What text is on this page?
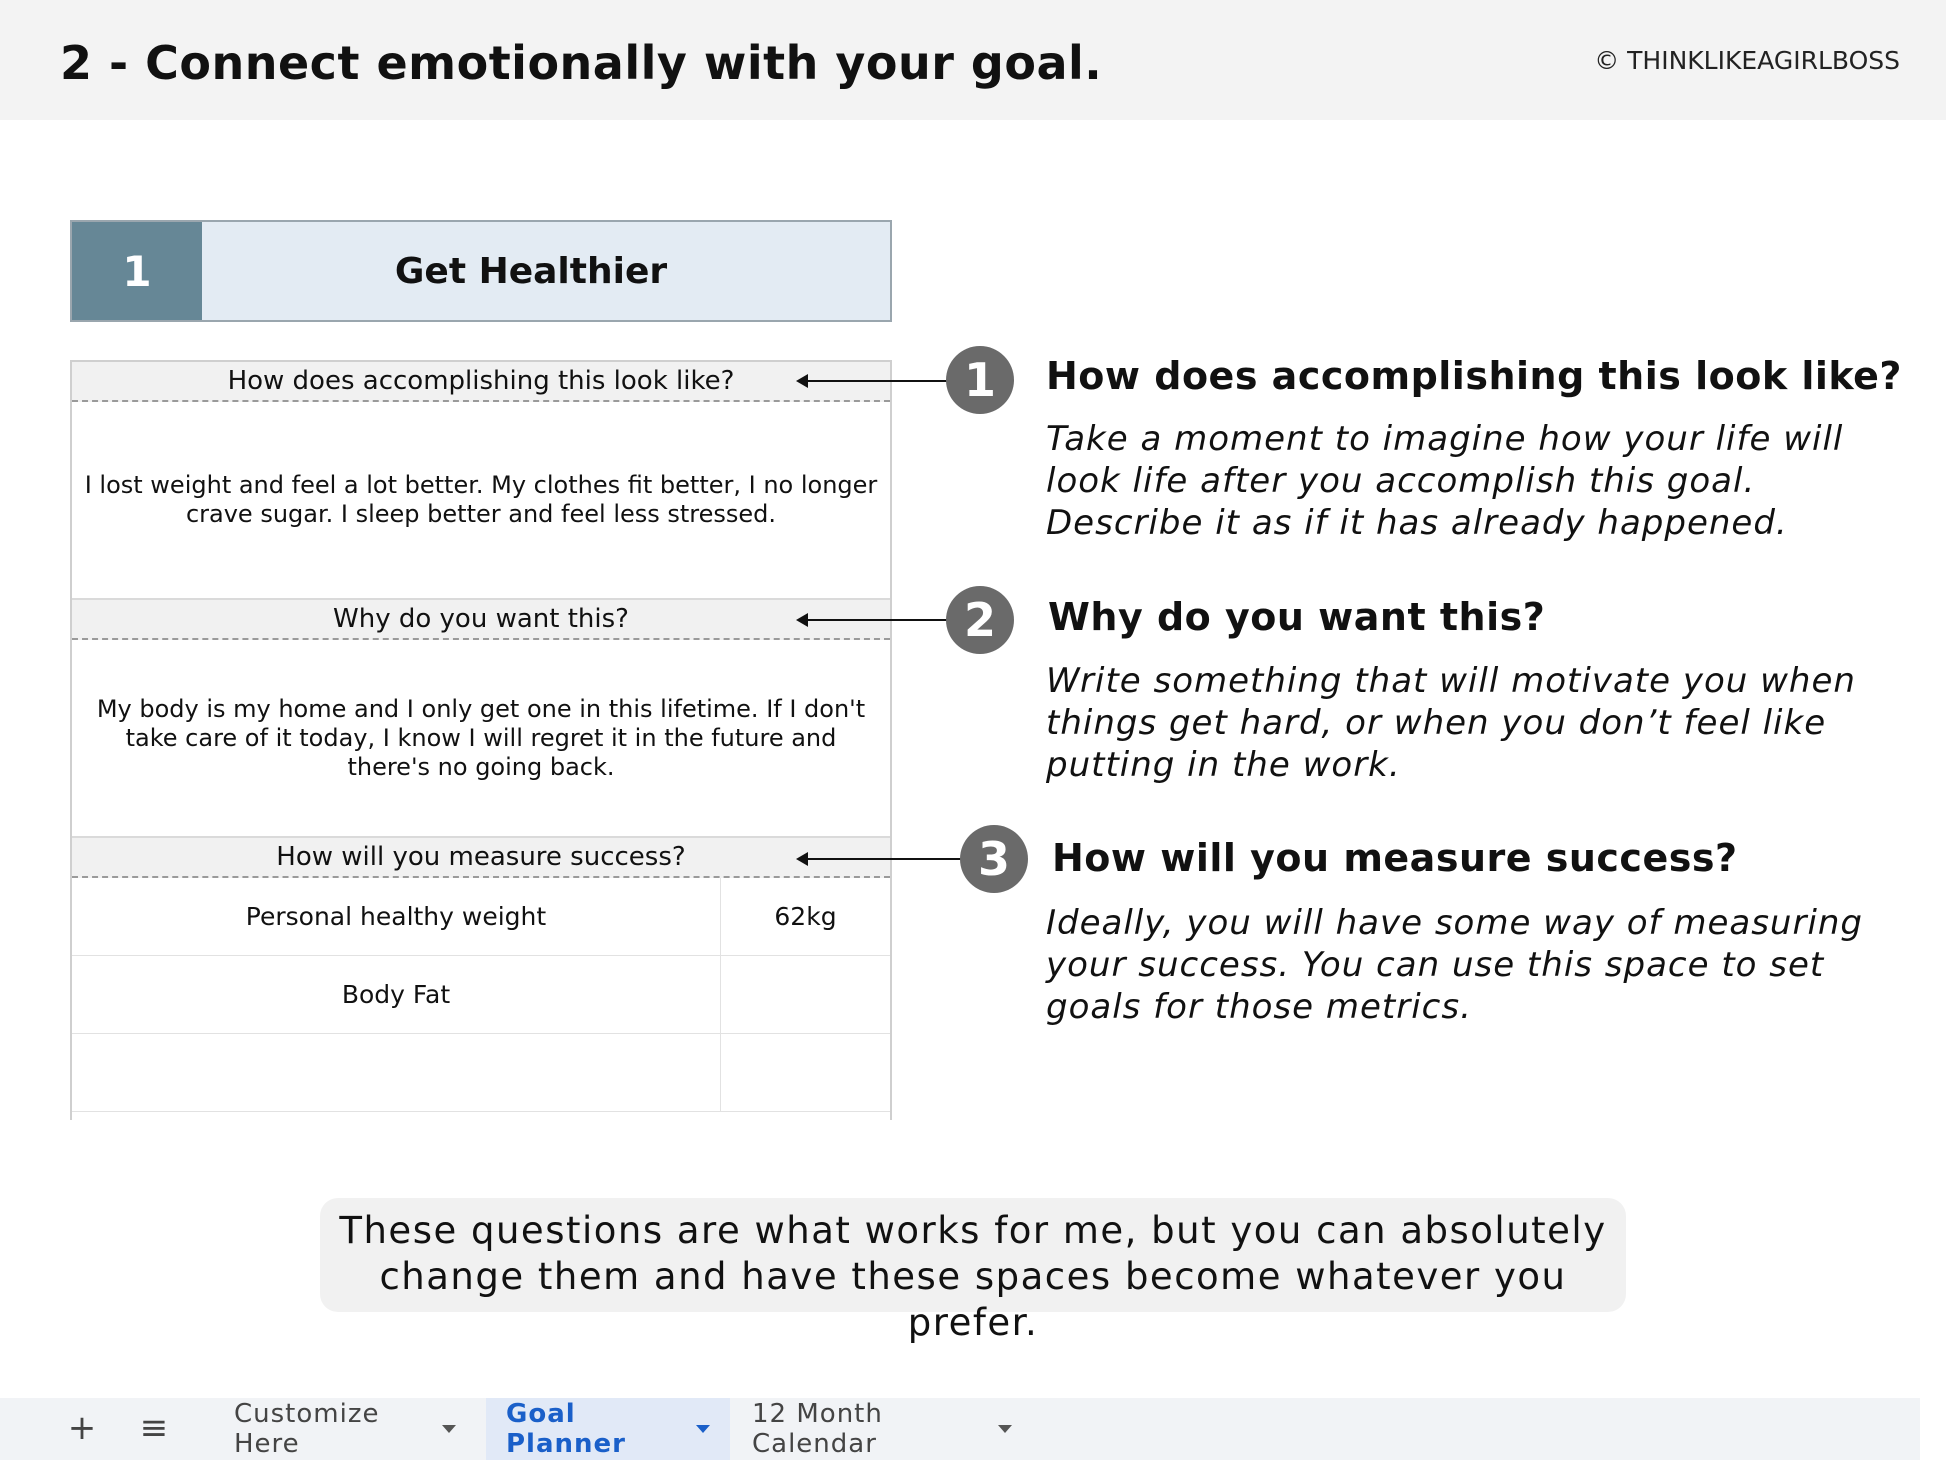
2 - Connect emotionally with your goal.	© THINKLIKEAGIRLBOSS
1	Get Healthier
How does accomplishing this look like?
I lost weight and feel a lot better. My clothes fit better, I no longer crave sugar. I sleep better and feel less stressed.
Why do you want this?
My body is my home and I only get one in this lifetime. If I don't take care of it today, I know I will regret it in the future and there's no going back.
How will you measure success?
Personal healthy weight	62kg
Body Fat
1	How does accomplishing this look like?
Take a moment to imagine how your life will look life after you accomplish this goal. Describe it as if it has already happened.
2	Why do you want this?
Write something that will motivate you when things get hard, or when you don’t feel like putting in the work.
3	How will you measure success?
Ideally, you will have some way of measuring your success. You can use this space to set goals for those metrics.
These questions are what works for me, but you can absolutely change them and have these spaces become whatever you prefer.
+ ≡	Customize Here
Goal Planner
12 Month Calendar
